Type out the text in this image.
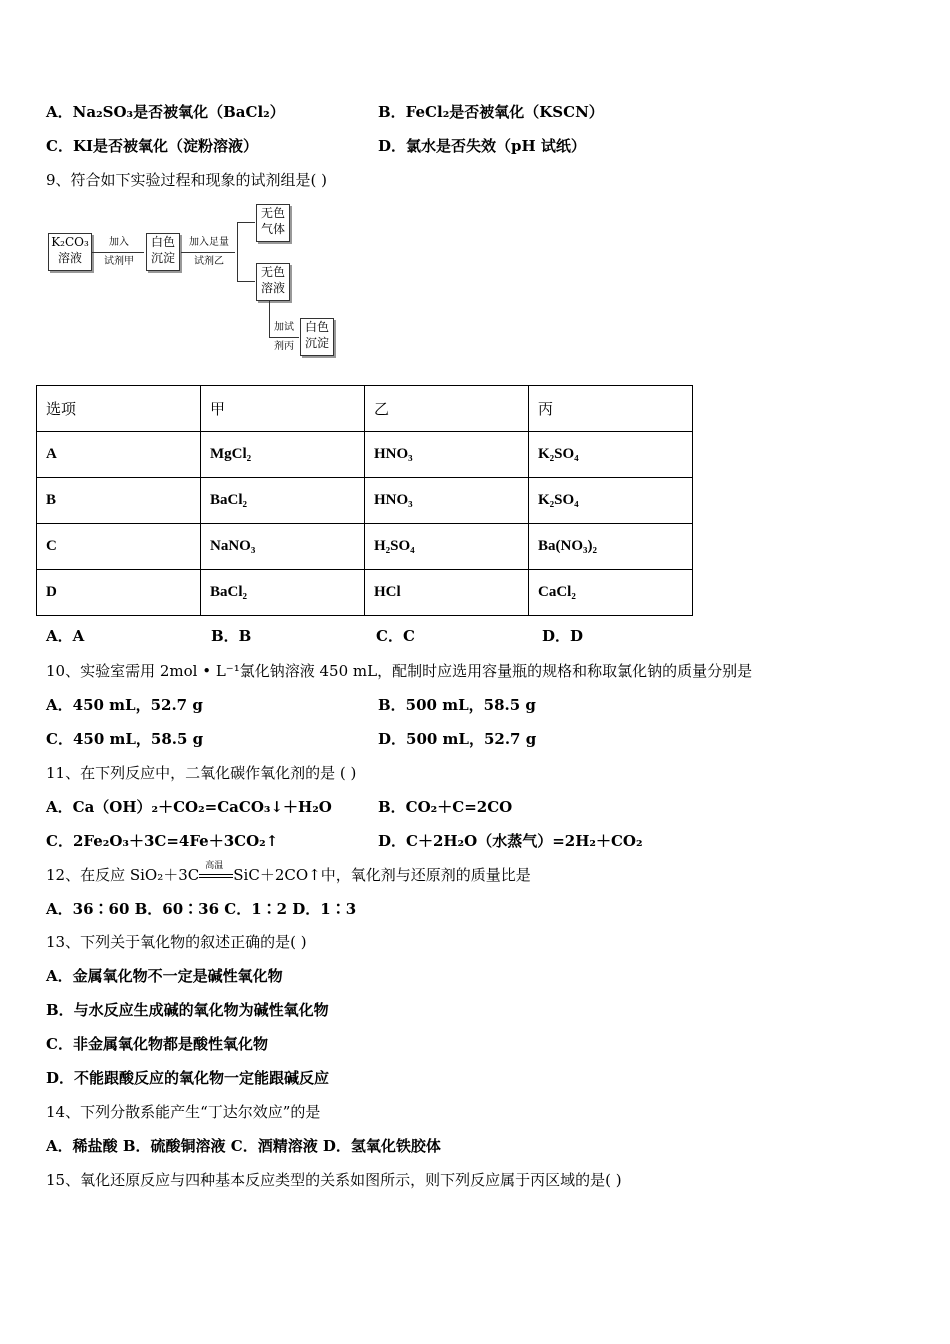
A．Na₂SO₃是否被氧化（BaCl₂）	B．FeCl₂是否被氧化（KSCN）
C．KI是否被氧化（淀粉溶液）	D．氯水是否失效（pH 试纸）
9、符合如下实验过程和现象的试剂组是( )
K₂CO₃
溶液
加入
试剂甲
白色
沉淀
加入足量
试剂乙
无色
气体
无色
溶液
加试
剂丙
白色
沉淀
选项	甲	乙	丙
A	MgCl₂	HNO₃	K₂SO₄
B	BaCl₂	HNO₃	K₂SO₄
C	NaNO₃	H₂SO₄	Ba(NO₃)₂
D	BaCl₂	HCl	CaCl₂
A．A	B．B	C．C	D．D
10、实验室需用 2mol • L⁻¹氯化钠溶液 450 mL，配制时应选用容量瓶的规格和称取氯化钠的质量分别是
A．450 mL，52.7 g	B．500 mL，58.5 g
C．450 mL，58.5 g	D．500 mL，52.7 g
11、在下列反应中，二氧化碳作氧化剂的是 ( )
A．Ca（OH）₂＋CO₂=CaCO₃↓＋H₂O	B．CO₂＋C=2CO
C．2Fe₂O₃＋3C=4Fe＋3CO₂↑	D．C＋2H₂O（水蒸气）=2H₂＋CO₂
12、在反应 SiO₂＋3C 高温 SiC＋2CO↑中，氧化剂与还原剂的质量比是
A．36∶60 B．60∶36 C．1∶2 D．1∶3
13、下列关于氧化物的叙述正确的是( )
A．金属氧化物不一定是碱性氧化物
B．与水反应生成碱的氧化物为碱性氧化物
C．非金属氧化物都是酸性氧化物
D．不能跟酸反应的氧化物一定能跟碱反应
14、下列分散系能产生“丁达尔效应”的是
A．稀盐酸 B．硫酸铜溶液 C．酒精溶液 D．氢氧化铁胶体
15、氧化还原反应与四种基本反应类型的关系如图所示，则下列反应属于丙区域的是( )
